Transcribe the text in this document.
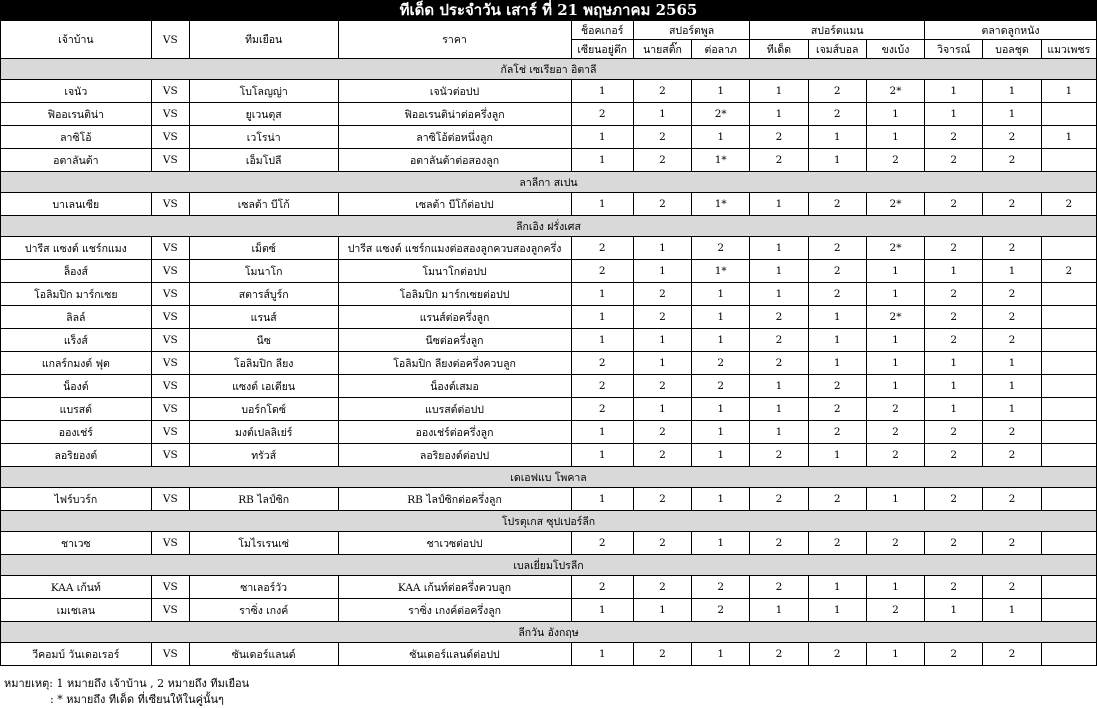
ทีเด็ด ประจำวัน เสาร์ ที่ 21 พฤษภาคม 2565
เจ้าบ้าน	VS	ทีมเยือน	ราคา	ช็อคเกอร์	สปอร์ตพูล		สปอร์ตแมน			ตลาดลูกหนัง		
				เซียนอยู่ตึก	นายสติ๊ก	ต่อลาภ	ทีเด็ด	เจมส์บอล	ขงเบ้ง	วิจารณ์	บอลชุด	แมวเพชร
กัลโช่ เซเรียอา อิตาลี												
เจนัว	VS	โบโลญญ่า	เจนัวต่อปป	1	2	1	1	2	2*	1	1	1
ฟิออเรนติน่า	VS	ยูเวนตุส	ฟิออเรนติน่าต่อครึ่งลูก	2	1	2*	1	2	1	1	1	
ลาซิโอ้	VS	เวโรน่า	ลาซิโอ้ต่อหนึ่งลูก	1	2	1	2	1	1	2	2	1
อตาลันต้า	VS	เอ็มโปลี	อตาลันต้าต่อสองลูก	1	2	1*	2	1	2	2	2	
ลาลีกา สเปน												
บาเลนเซีย	VS	เซลต้า บีโก้	เซลต้า บีโก้ต่อปป	1	2	1*	1	2	2*	2	2	2
ลีกเอิง ฝรั่งเศส												
ปารีส แซงต์ แชร์กแมง	VS	เม็ตซ์	ปารีส แซงต์ แชร์กแมงต่อสองลูกควบสองลูกครึ่ง	2	1	2	1	2	2*	2	2	
ล็องส์	VS	โมนาโก	โมนาโกต่อปป	2	1	1*	1	2	1	1	1	2
โอลิมปิก มาร์กเซย	VS	สตารส์บูร์ก	โอลิมปิก มาร์กเซยต่อปป	1	2	1	1	2	1	2	2	
ลิลล์	VS	แรนส์	แรนส์ต่อครึ่งลูก	1	2	1	2	1	2*	2	2	
แร็งส์	VS	นีซ	นีซต่อครึ่งลูก	1	1	1	2	1	1	2	2	
แกลร์กมงต์ ฟุต	VS	โอลิมปิก ลียง	โอลิมปิก ลียงต่อครึ่งควบลูก	2	1	2	2	1	1	1	1	
น็องต์	VS	แซงต์ เอเตียน	น็องต์เสมอ	2	2	2	1	2	1	1	1	
แบรสต์	VS	บอร์กโดซ์	แบรสต์ต่อปป	2	1	1	1	2	2	1	1	
อองเช่ร์	VS	มงต์เปลลิเย่ร์	อองเช่ร์ต่อครึ่งลูก	1	2	1	1	2	2	2	2	
ลอริยองต์	VS	ทรัวส์	ลอริยองต์ต่อปป	1	2	1	2	1	2	2	2	
เดเอฟแบ โพคาล												
ไฟร์บวร์ก	VS	RB ไลป์ซิก	RB ไลป์ซิกต่อครึ่งลูก	1	2	1	2	2	1	2	2	
โปรตุเกส ซุปเปอร์ลีก												
ชาเวซ	VS	โมไรเรนเซ่	ชาเวซต่อปป	2	2	1	2	2	2	2	2	
เบลเยี่ยมโปรลีก												
KAA เก้นท์	VS	ซาเลอร์วัว	KAA เก้นท์ต่อครึ่งควบลูก	2	2	2	2	1	1	2	2	
เมเชเลน	VS	ราซิ่ง เกงค์	ราซิ่ง เกงค์ต่อครึ่งลูก	1	1	2	1	1	2	1	1	
ลีกวัน อังกฤษ												
วีคอมบ์ วันเดอเรอร์	VS	ซันเดอร์แลนด์	ซันเดอร์แลนด์ต่อปป	1	2	1	2	2	1	2	2	
หมายเหตุ: 1 หมายถึง เจ้าบ้าน , 2 หมายถึง ทีมเยือน
: * หมายถึง ทีเด็ด ที่เซียนให้ในคู่นั้นๆ
